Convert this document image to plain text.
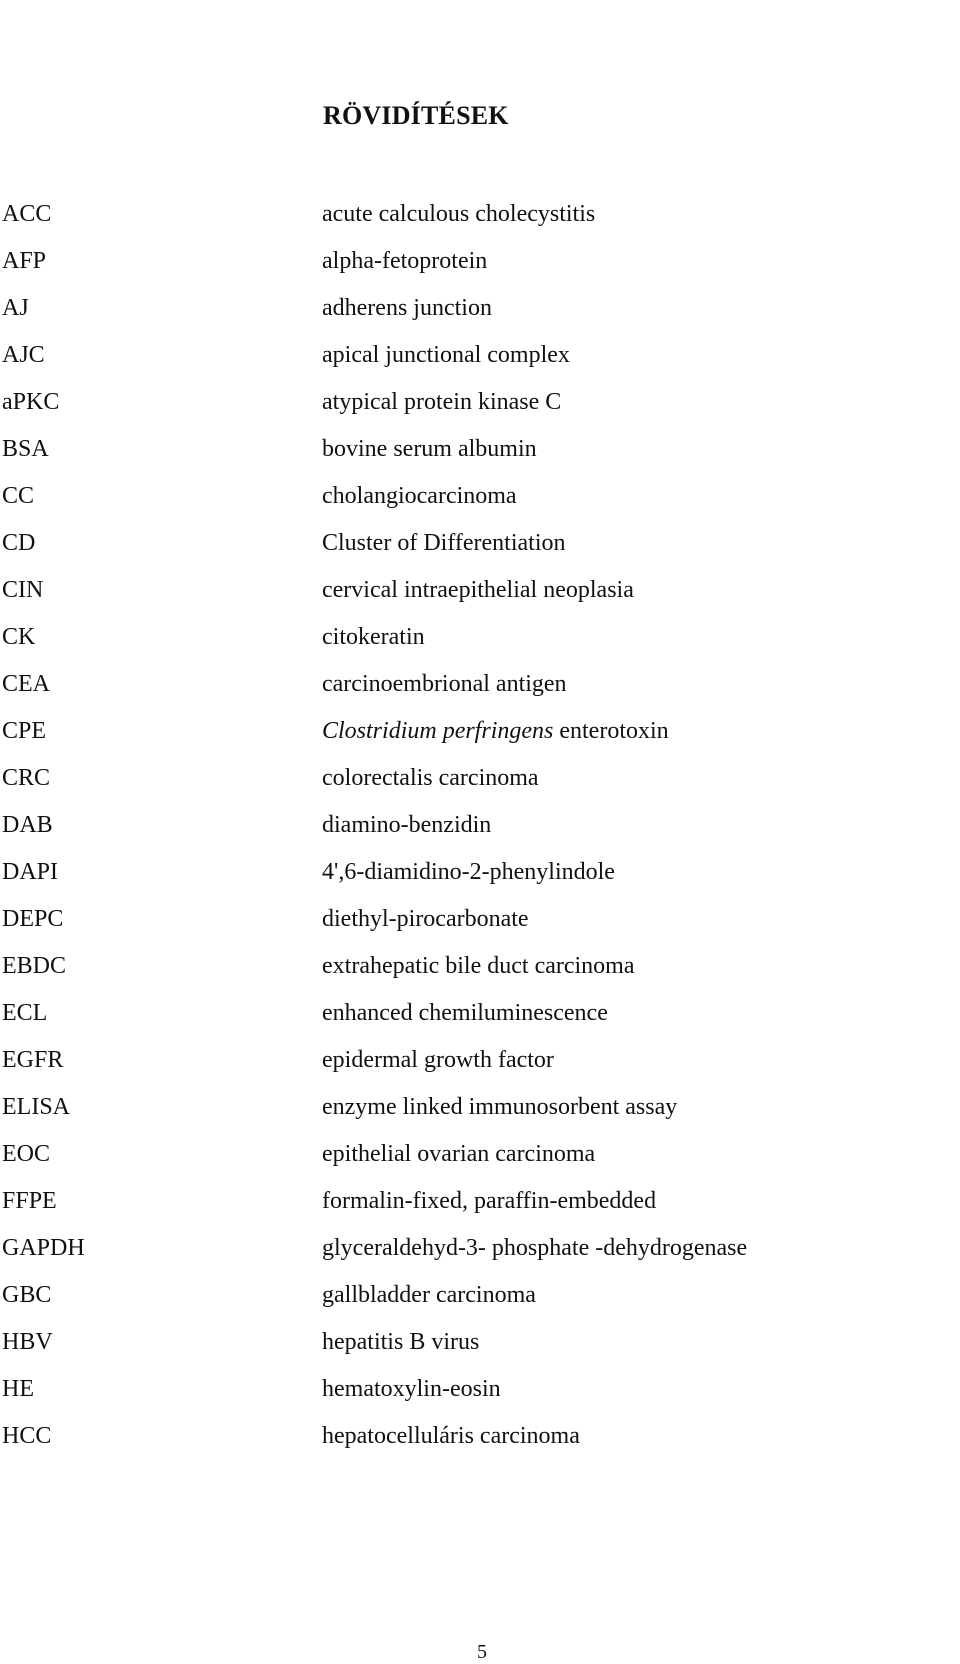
RÖVIDÍTÉSEK
ACC	acute calculous cholecystitis
AFP	alpha-fetoprotein
AJ	adherens junction
AJC	apical junctional complex
aPKC	atypical protein kinase C
BSA	bovine serum albumin
CC	cholangiocarcinoma
CD	Cluster of Differentiation
CIN	cervical intraepithelial neoplasia
CK	citokeratin
CEA	carcinoembrional antigen
CPE	Clostridium perfringens enterotoxin
CRC	colorectalis carcinoma
DAB	diamino-benzidin
DAPI	4',6-diamidino-2-phenylindole
DEPC	diethyl-pirocarbonate
EBDC	extrahepatic bile duct carcinoma
ECL	enhanced chemiluminescence
EGFR	epidermal growth factor
ELISA	enzyme linked immunosorbent assay
EOC	epithelial ovarian carcinoma
FFPE	formalin-fixed, paraffin-embedded
GAPDH	glyceraldehyd-3- phosphate -dehydrogenase
GBC	gallbladder carcinoma
HBV	hepatitis B virus
HE	hematoxylin-eosin
HCC	hepatocelluláris carcinoma

5
